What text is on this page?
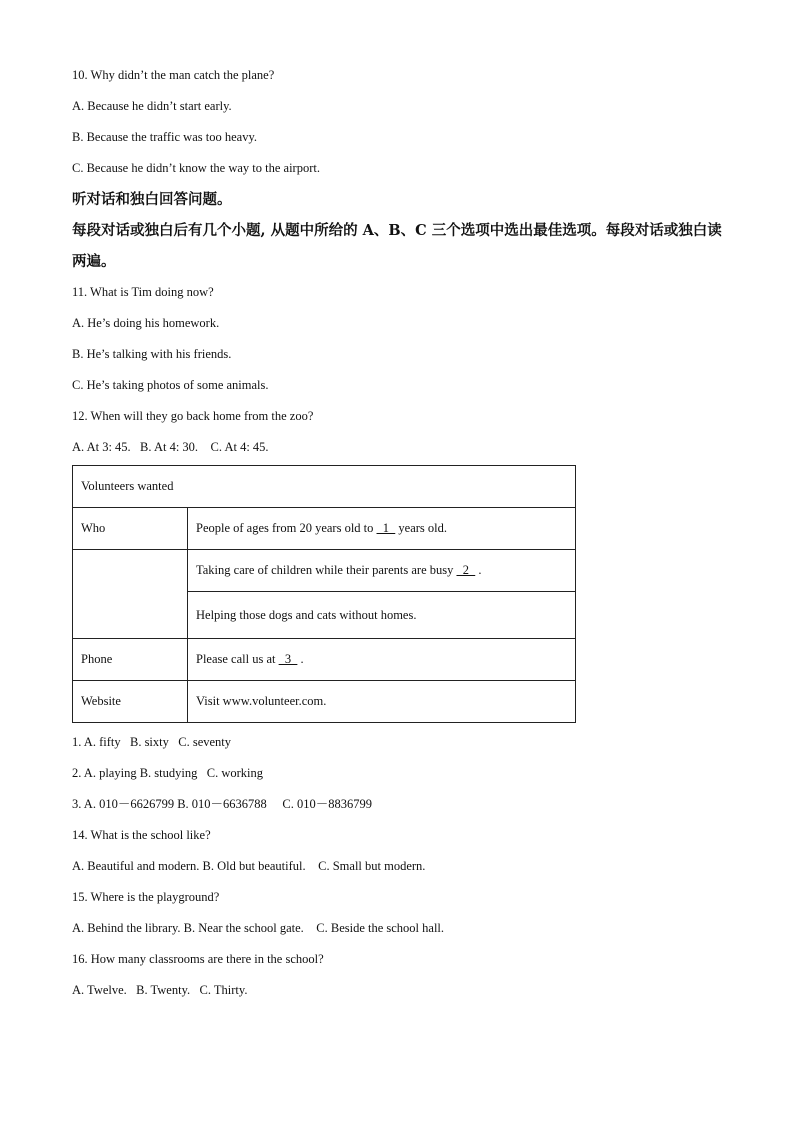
10. Why didn’t the man catch the plane?
A. Because he didn’t start early.
B. Because the traffic was too heavy.
C. Because he didn’t know the way to the airport.
听对话和独白回答问题。
每段对话或独白后有几个小题, 从题中所给的 A、B、C 三个选项中选出最佳选项。每段对话或独白读两遍。
11. What is Tim doing now?
A. He’s doing his homework.
B. He’s talking with his friends.
C. He’s taking photos of some animals.
12. When will they go back home from the zoo?
A. At 3: 45.   B. At 4: 30.    C. At 4: 45.
Volunteers wanted	
Who	People of ages from 20 years old to   1   years old.
	Taking care of children while their parents are busy   2   .
	Helping those dogs and cats without homes.
Phone	Please call us at   3   .
Website	Visit www.volunteer.com.
1. A. fifty   B. sixty   C. seventy
2. A. playing B. studying   C. working
3. A. 010－6626799 B. 010－6636788     C. 010－8836799
14. What is the school like?
A. Beautiful and modern. B. Old but beautiful.    C. Small but modern.
15. Where is the playground?
A. Behind the library. B. Near the school gate.    C. Beside the school hall.
16. How many classrooms are there in the school?
A. Twelve.   B. Twenty.   C. Thirty.
